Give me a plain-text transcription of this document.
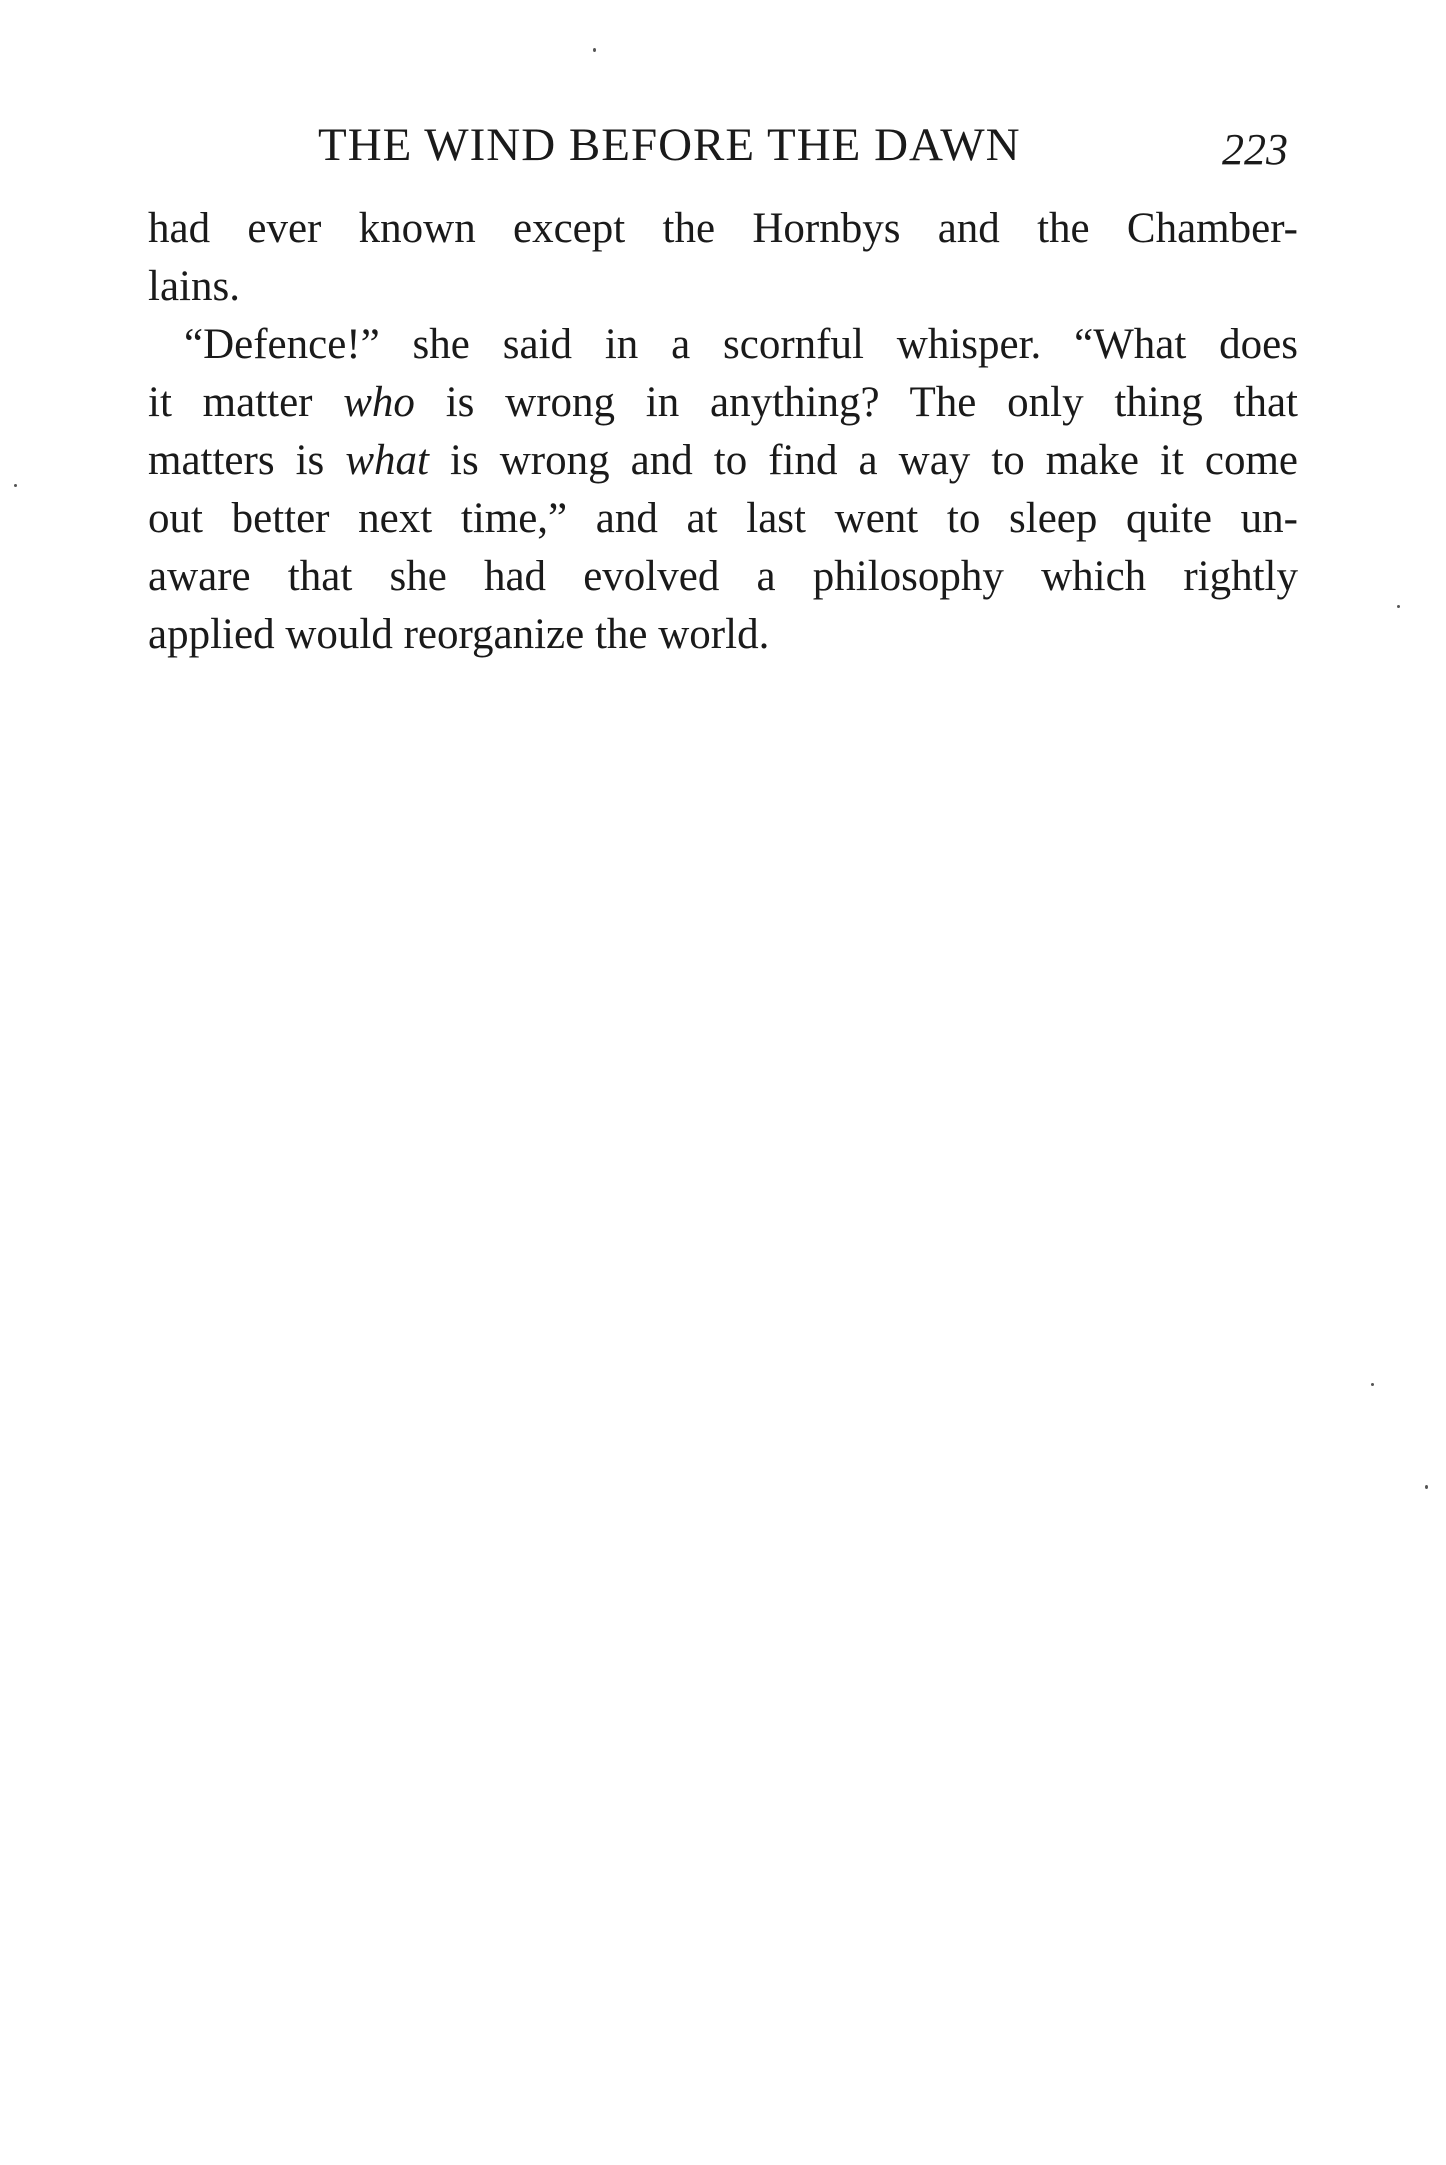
THE WIND BEFORE THE DAWN	223
had ever known except the Hornbys and the Chamber-
lains.
“Defence!” she said in a scornful whisper. “What does
it matter who is wrong in anything? The only thing that
matters is what is wrong and to find a way to make it come
out better next time,” and at last went to sleep quite un-
aware that she had evolved a philosophy which rightly
applied would reorganize the world.
